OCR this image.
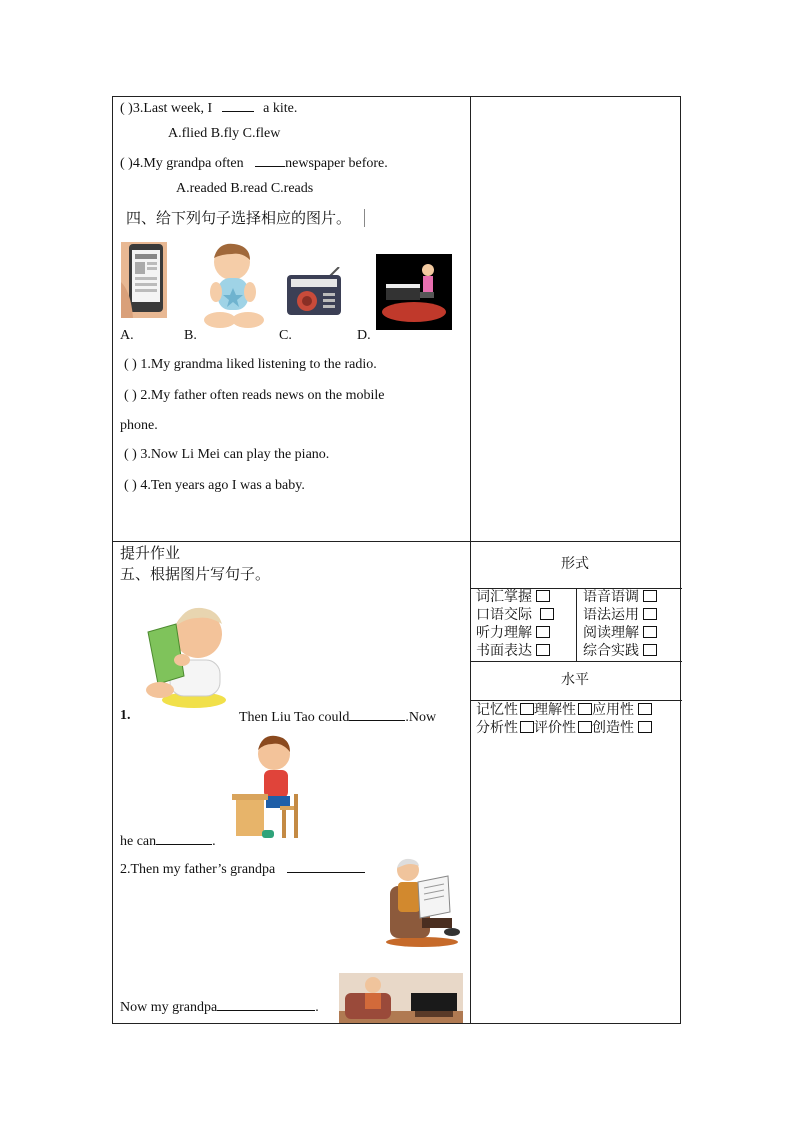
( )3.Last week, I	a kite.
A.flied B.fly C.flew
( )4.My grandpa often	newspaper before.
A.readed B.read C.reads
四、给下列句子选择相应的图片。
A.	B.	C.	D.
( ) 1.My grandma liked listening to the radio.
( ) 2.My father often reads news on the mobile
phone.
( ) 3.Now Li Mei can play the piano.
( ) 4.Ten years ago I was a baby.
提升作业
五、根据图片写句子。
1.	Then Liu Tao could	.Now
he can	.
2.Then my father’s grandpa
Now my grandpa	.
形式
词汇掌握	语音语调
口语交际	语法运用
听力理解	阅读理解
书面表达	综合实践
水平
记忆性 理解性 应用性
分析性 评价性 创造性
